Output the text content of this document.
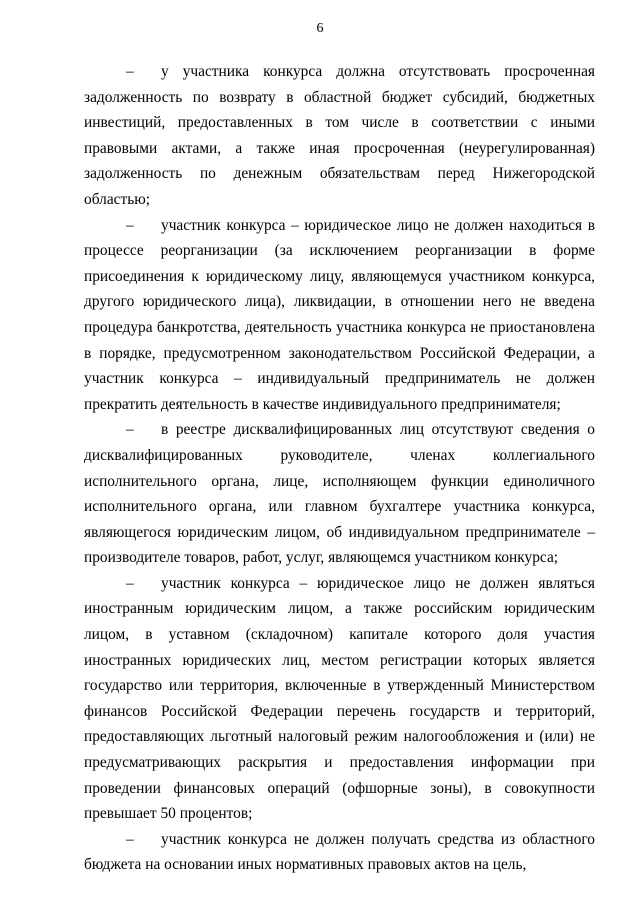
6

– у участника конкурса должна отсутствовать просроченная задолженность по возврату в областной бюджет субсидий, бюджетных инвестиций, предоставленных в том числе в соответствии с иными правовыми актами, а также иная просроченная (неурегулированная) задолженность по денежным обязательствам перед Нижегородской областью;

– участник конкурса – юридическое лицо не должен находиться в процессе реорганизации (за исключением реорганизации в форме присоединения к юридическому лицу, являющемуся участником конкурса, другого юридического лица), ликвидации, в отношении него не введена процедура банкротства, деятельность участника конкурса не приостановлена в порядке, предусмотренном законодательством Российской Федерации, а участник конкурса – индивидуальный предприниматель не должен прекратить деятельность в качестве индивидуального предпринимателя;

– в реестре дисквалифицированных лиц отсутствуют сведения о дисквалифицированных руководителе, членах коллегиального исполнительного органа, лице, исполняющем функции единоличного исполнительного органа, или главном бухгалтере участника конкурса, являющегося юридическим лицом, об индивидуальном предпринимателе – производителе товаров, работ, услуг, являющемся участником конкурса;

– участник конкурса – юридическое лицо не должен являться иностранным юридическим лицом, а также российским юридическим лицом, в уставном (складочном) капитале которого доля участия иностранных юридических лиц, местом регистрации которых является государство или территория, включенные в утвержденный Министерством финансов Российской Федерации перечень государств и территорий, предоставляющих льготный налоговый режим налогообложения и (или) не предусматривающих раскрытия и предоставления информации при проведении финансовых операций (офшорные зоны), в совокупности превышает 50 процентов;

– участник конкурса не должен получать средства из областного бюджета на основании иных нормативных правовых актов на цель,
